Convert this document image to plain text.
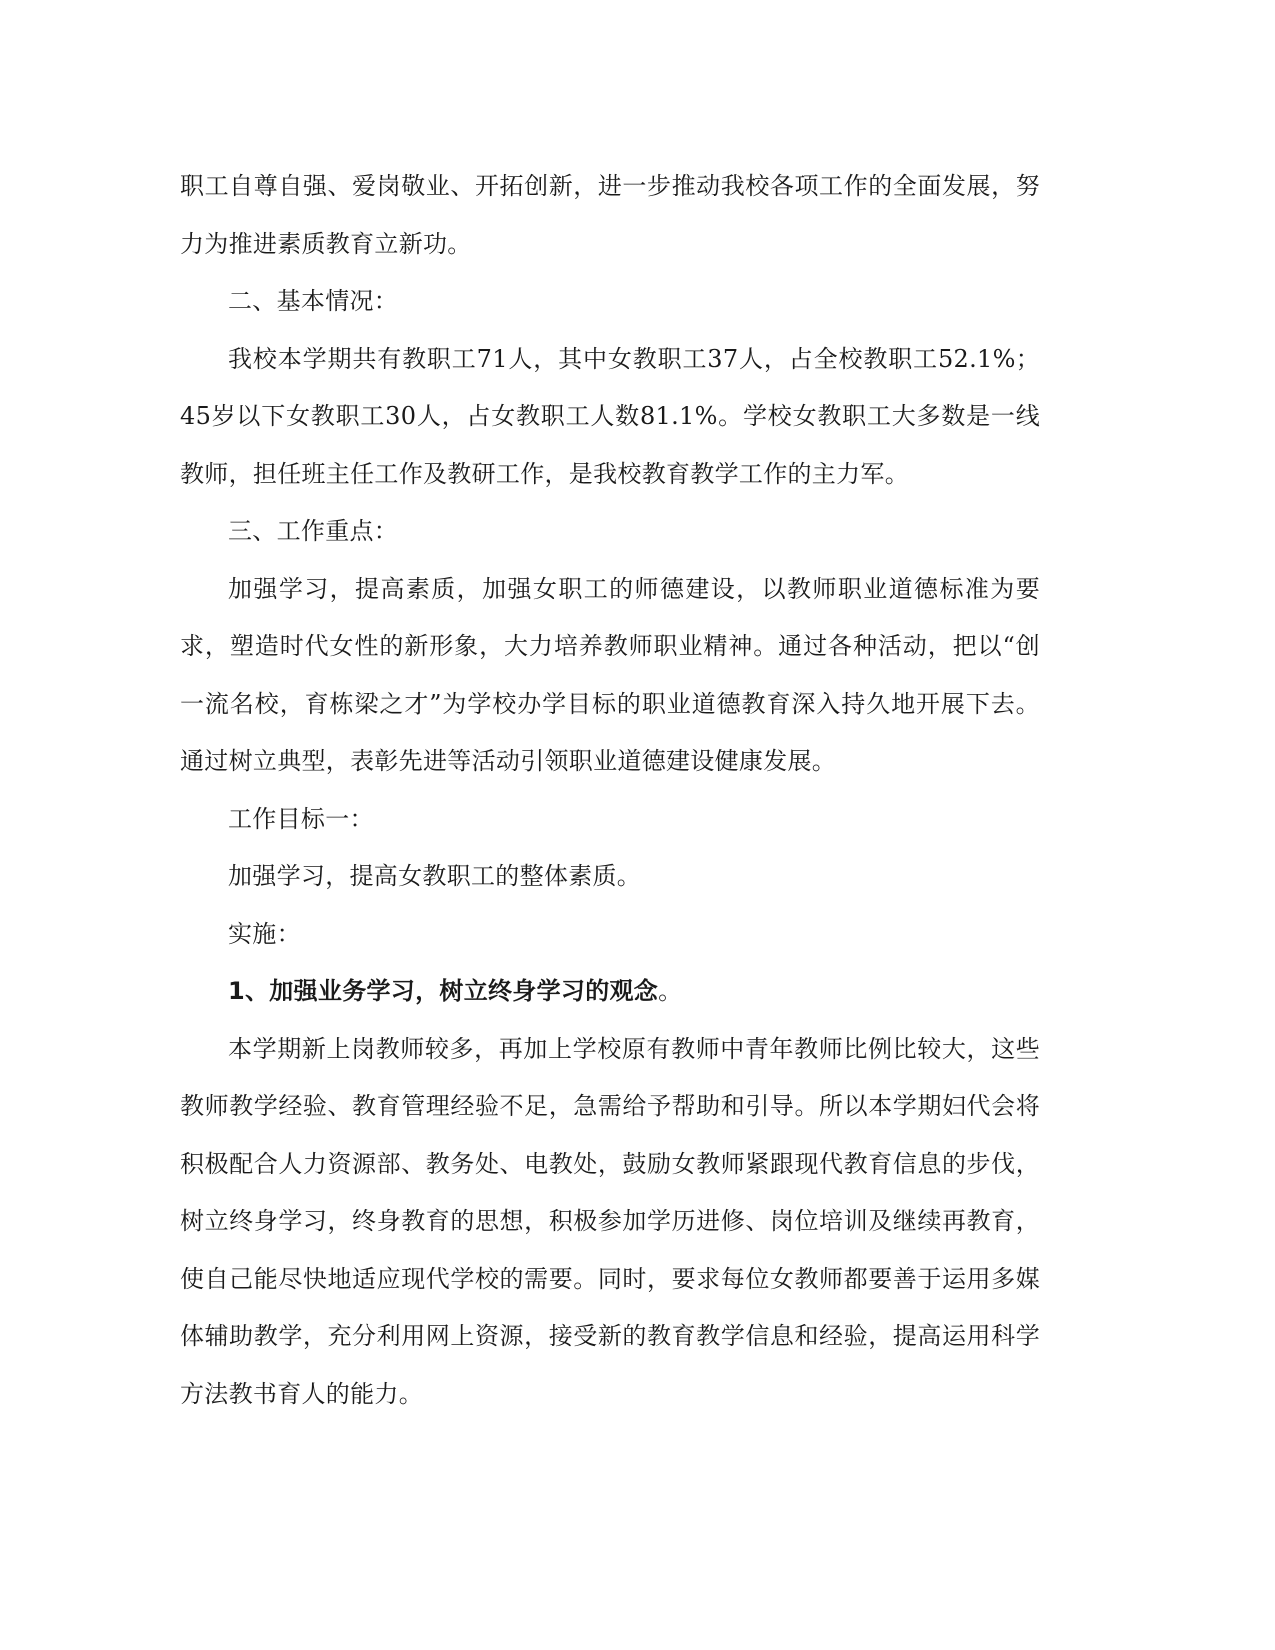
职工自尊自强、爱岗敬业、开拓创新，进一步推动我校各项工作的全面发展，努力为推进素质教育立新功。

二、基本情况：

我校本学期共有教职工71人，其中女教职工37人，占全校教职工52.1%；45岁以下女教职工30人，占女教职工人数81.1%。学校女教职工大多数是一线教师，担任班主任工作及教研工作，是我校教育教学工作的主力军。

三、工作重点：

加强学习，提高素质，加强女职工的师德建设，以教师职业道德标准为要求，塑造时代女性的新形象，大力培养教师职业精神。通过各种活动，把以“创一流名校，育栋梁之才”为学校办学目标的职业道德教育深入持久地开展下去。通过树立典型，表彰先进等活动引领职业道德建设健康发展。

工作目标一：

加强学习，提高女教职工的整体素质。

实施：

1、加强业务学习，树立终身学习的观念。

本学期新上岗教师较多，再加上学校原有教师中青年教师比例比较大，这些教师教学经验、教育管理经验不足，急需给予帮助和引导。所以本学期妇代会将积极配合人力资源部、教务处、电教处，鼓励女教师紧跟现代教育信息的步伐，树立终身学习，终身教育的思想，积极参加学历进修、岗位培训及继续再教育，使自己能尽快地适应现代学校的需要。同时，要求每位女教师都要善于运用多媒体辅助教学，充分利用网上资源，接受新的教育教学信息和经验，提高运用科学方法教书育人的能力。
